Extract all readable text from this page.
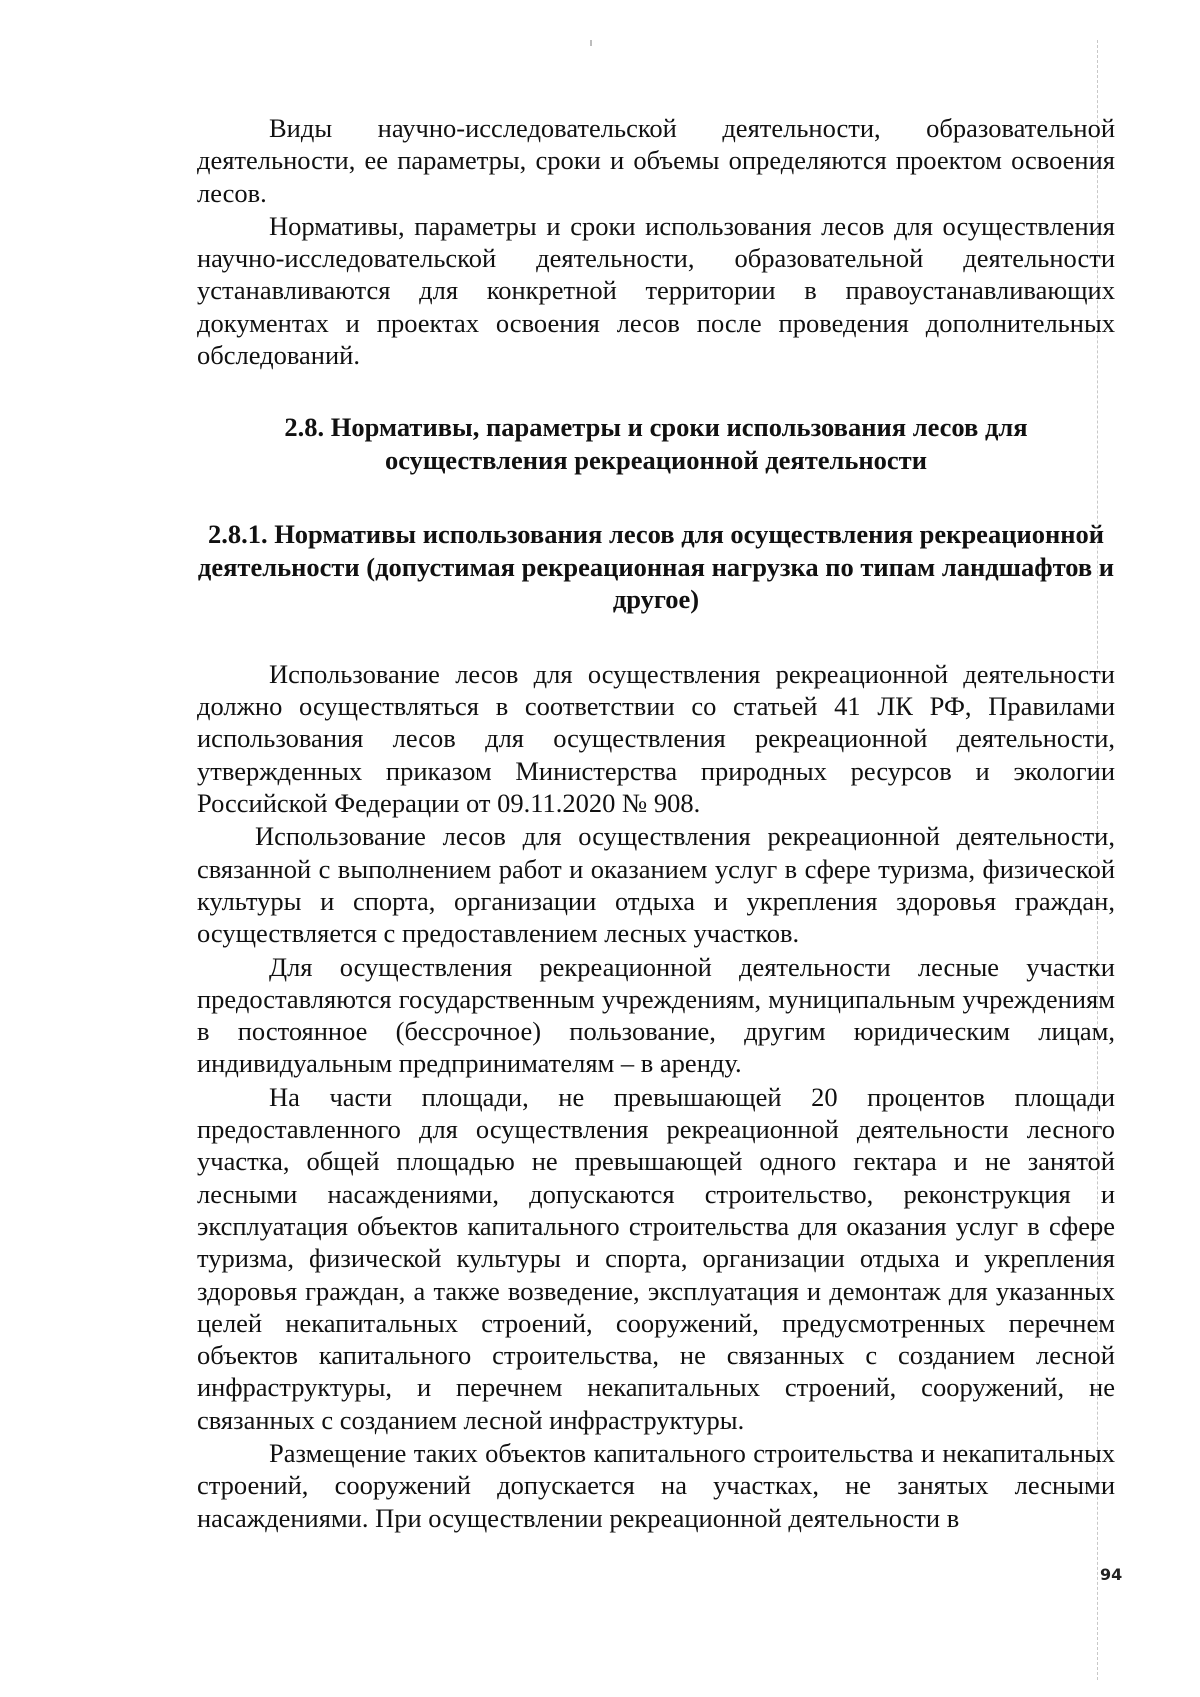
Виды научно-исследовательской деятельности, образовательной деятельности, ее параметры, сроки и объемы определяются проектом освоения лесов.

Нормативы, параметры и сроки использования лесов для осуществления научно-исследовательской деятельности, образовательной деятельности устанавливаются для конкретной территории в правоустанавливающих документах и проектах освоения лесов после проведения дополнительных обследований.

2.8. Нормативы, параметры и сроки использования лесов для осуществления рекреационной деятельности

2.8.1. Нормативы использования лесов для осуществления рекреационной деятельности (допустимая рекреационная нагрузка по типам ландшафтов и другое)

Использование лесов для осуществления рекреационной деятельности должно осуществляться в соответствии со статьей 41 ЛК РФ, Правилами использования лесов для осуществления рекреационной деятельности, утвержденных приказом Министерства природных ресурсов и экологии Российской Федерации от 09.11.2020 № 908.

Использование лесов для осуществления рекреационной деятельности, связанной с выполнением работ и оказанием услуг в сфере туризма, физической культуры и спорта, организации отдыха и укрепления здоровья граждан, осуществляется с предоставлением лесных участков.

Для осуществления рекреационной деятельности лесные участки предоставляются государственным учреждениям, муниципальным учреждениям в постоянное (бессрочное) пользование, другим юридическим лицам, индивидуальным предпринимателям – в аренду.

На части площади, не превышающей 20 процентов площади предоставленного для осуществления рекреационной деятельности лесного участка, общей площадью не превышающей одного гектара и не занятой лесными насаждениями, допускаются строительство, реконструкция и эксплуатация объектов капитального строительства для оказания услуг в сфере туризма, физической культуры и спорта, организации отдыха и укрепления здоровья граждан, а также возведение, эксплуатация и демонтаж для указанных целей некапитальных строений, сооружений, предусмотренных перечнем объектов капитального строительства, не связанных с созданием лесной инфраструктуры, и перечнем некапитальных строений, сооружений, не связанных с созданием лесной инфраструктуры.

Размещение таких объектов капитального строительства и некапитальных строений, сооружений допускается на участках, не занятых лесными насаждениями. При осуществлении рекреационной деятельности в

94
